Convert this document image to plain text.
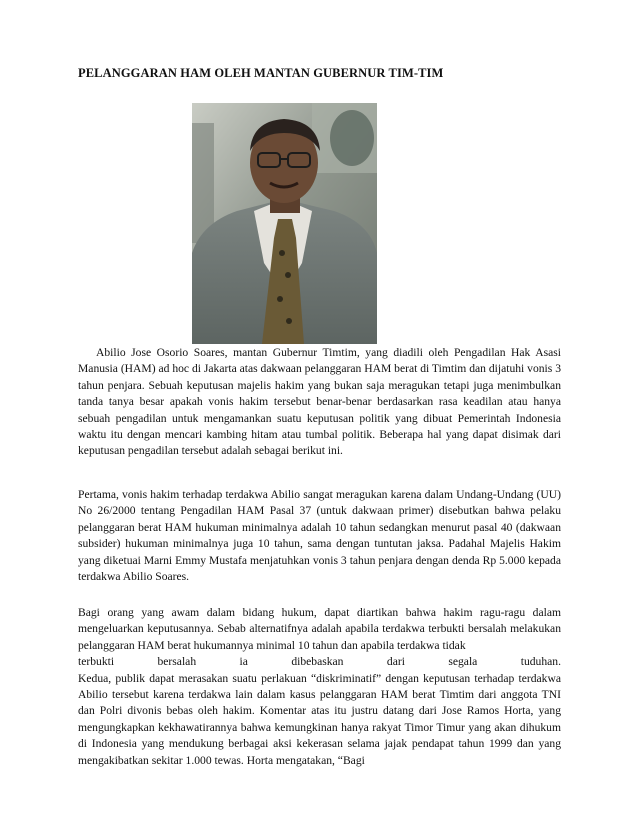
PELANGGARAN HAM OLEH MANTAN GUBERNUR TIM-TIM
Abilio Jose Osorio Soares, mantan Gubernur Timtim, yang diadili oleh Pengadilan Hak Asasi Manusia (HAM) ad hoc di Jakarta atas dakwaan pelanggaran HAM berat di Timtim dan dijatuhi vonis 3 tahun penjara. Sebuah keputusan majelis hakim yang bukan saja meragukan tetapi juga menimbulkan tanda tanya besar apakah vonis hakim tersebut benar-benar berdasarkan rasa keadilan atau hanya sebuah pengadilan untuk mengamankan suatu keputusan politik yang dibuat Pemerintah Indonesia waktu itu dengan mencari kambing hitam atau tumbal politik. Beberapa hal yang dapat disimak dari keputusan pengadilan tersebut adalah sebagai berikut ini.
Pertama, vonis hakim terhadap terdakwa Abilio sangat meragukan karena dalam Undang-Undang (UU) No 26/2000 tentang Pengadilan HAM Pasal 37 (untuk dakwaan primer) disebutkan bahwa pelaku pelanggaran berat HAM hukuman minimalnya adalah 10 tahun sedangkan menurut pasal 40 (dakwaan subsider) hukuman minimalnya juga 10 tahun, sama dengan tuntutan jaksa. Padahal Majelis Hakim yang diketuai Marni Emmy Mustafa menjatuhkan vonis 3 tahun penjara dengan denda Rp 5.000 kepada terdakwa Abilio Soares.
Bagi orang yang awam dalam bidang hukum, dapat diartikan bahwa hakim ragu-ragu dalam mengeluarkan keputusannya. Sebab alternatifnya adalah apabila terdakwa terbukti bersalah melakukan pelanggaran HAM berat hukumannya minimal 10 tahun dan apabila terdakwa tidak
terbukti bersalah ia dibebaskan dari segala tuduhan.
Kedua, publik dapat merasakan suatu perlakuan “diskriminatif” dengan keputusan terhadap terdakwa Abilio tersebut karena terdakwa lain dalam kasus pelanggaran HAM berat Timtim dari anggota TNI dan Polri divonis bebas oleh hakim. Komentar atas itu justru datang dari Jose Ramos Horta, yang mengungkapkan kekhawatirannya bahwa kemungkinan hanya rakyat Timor Timur yang akan dihukum di Indonesia yang mendukung berbagai aksi kekerasan selama jajak pendapat tahun 1999 dan yang mengakibatkan sekitar 1.000 tewas. Horta mengatakan, “Bagi
